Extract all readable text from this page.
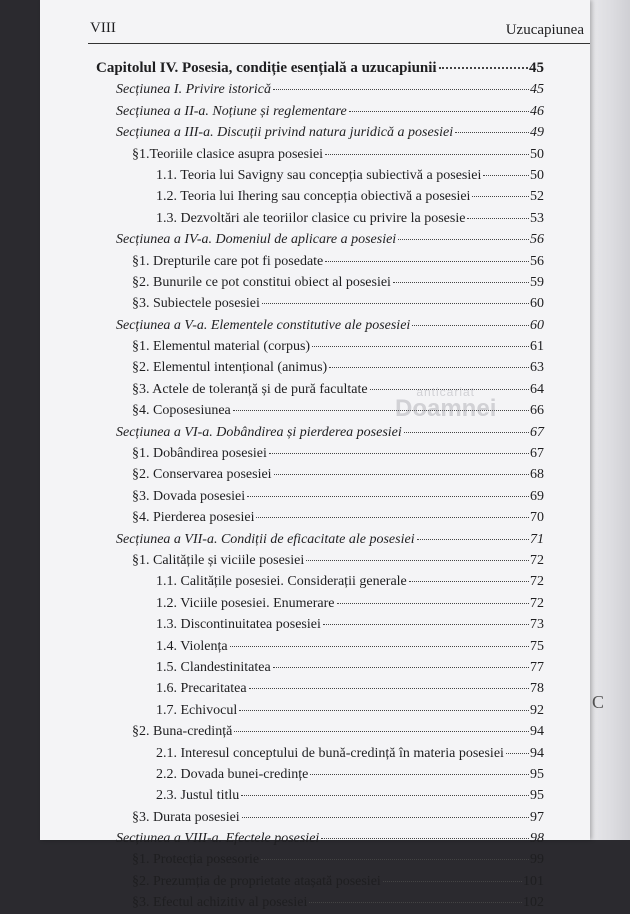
C
VIII	Uzucapiunea
Capitolul IV. Posesia, condiție esențială a uzucapiunii	45
Secțiunea I. Privire istorică	45
Secțiunea a II-a. Noțiune și reglementare	46
Secțiunea a III-a. Discuții privind natura juridică a posesiei	49
§1.Teoriile clasice asupra posesiei	50
1.1. Teoria lui Savigny sau concepția subiectivă a posesiei	50
1.2. Teoria lui Ihering sau concepția obiectivă a posesiei	52
1.3. Dezvoltări ale teoriilor clasice cu privire la posesie	53
Secțiunea a IV-a. Domeniul de aplicare a posesiei	56
§1. Drepturile care pot fi posedate	56
§2. Bunurile ce pot constitui obiect al posesiei	59
§3. Subiectele posesiei	60
Secțiunea a V-a. Elementele constitutive ale posesiei	60
§1. Elementul material (corpus)	61
§2. Elementul intențional (animus)	63
§3. Actele de toleranță și de pură facultate	64
§4. Coposesiunea	66
Secțiunea a VI-a. Dobândirea și pierderea posesiei	67
§1. Dobândirea posesiei	67
§2. Conservarea posesiei	68
§3. Dovada posesiei	69
§4. Pierderea posesiei	70
Secțiunea a VII-a. Condiții de eficacitate ale posesiei	71
§1. Calitățile și viciile posesiei	72
1.1. Calitățile posesiei. Considerații generale	72
1.2. Viciile posesiei. Enumerare	72
1.3. Discontinuitatea posesiei	73
1.4. Violența	75
1.5. Clandestinitatea	77
1.6. Precaritatea	78
1.7. Echivocul	92
§2. Buna-credință	94
2.1. Interesul conceptului de bună-credință în materia posesiei 94
2.2. Dovada bunei-credințe	95
2.3. Justul titlu	95
§3. Durata posesiei	97
Secțiunea a VIII-a. Efectele posesiei	98
§1. Protecția posesorie	99
§2. Prezumția de proprietate atașată posesiei	101
§3. Efectul achizitiv al posesiei	102
anticariat
Doamnei
